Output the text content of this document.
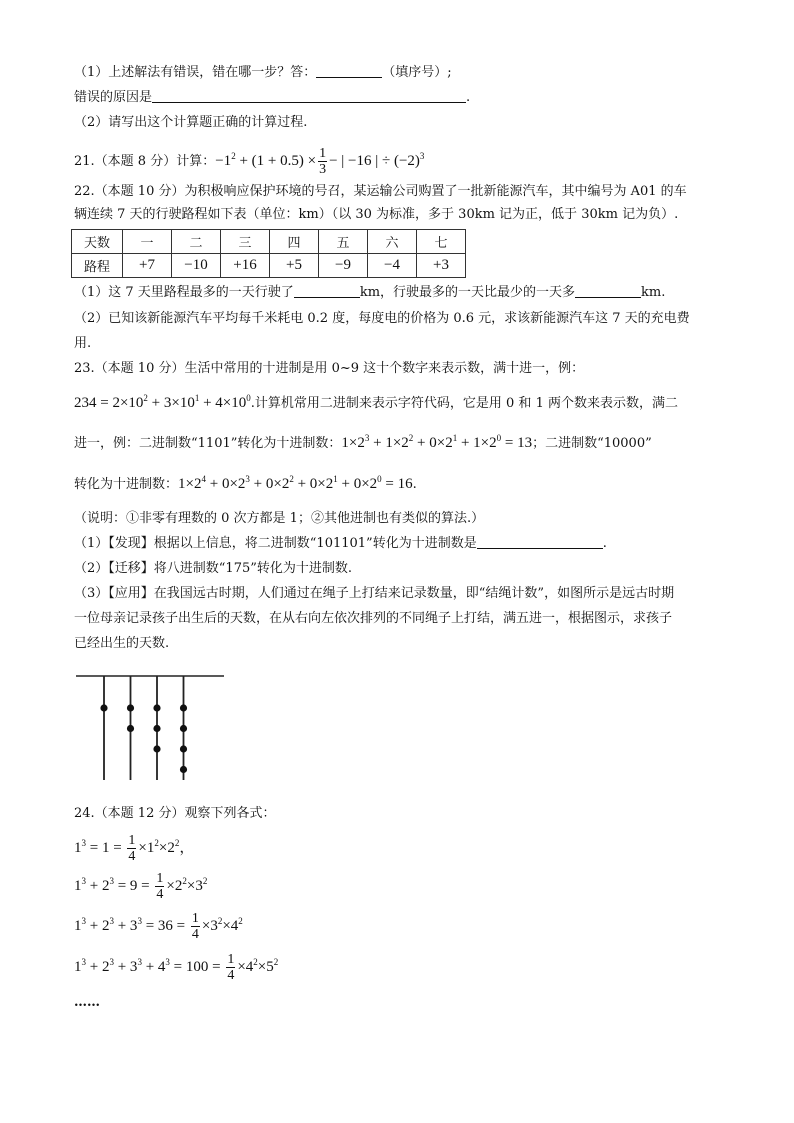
（1）上述解法有错误，错在哪一步？答：	（填序号）;
错误的原因是	.
（2）请写出这个计算题正确的计算过程.
21.（本题 8 分）计算：$-1^2 + (1 + 0.5) \times \frac{1}{3}$ − | −16 | ÷ $(-2)^3$
22.（本题 10 分）为积极响应保护环境的号召，某运输公司购置了一批新能源汽车，其中编号为 A01 的车
辆连续 7 天的行驶路程如下表（单位：km）（以 30 为标准，多于 30km 记为正，低于 30km 记为负）.
天数	一	二	三	四	五	六	七
路程	+7	−10	+16	+5	−9	−4	+3
（1）这 7 天里路程最多的一天行驶了	km，行驶最多的一天比最少的一天多	km.
（2）已知该新能源汽车平均每千米耗电 0.2 度，每度电的价格为 0.6 元，求该新能源汽车这 7 天的充电费
用.
23.（本题 10 分）生活中常用的十进制是用 0~9 这十个数字来表示数，满十进一，例：
$234 = 2\times 10^2 + 3\times 10^1 + 4\times 10^0$.计算机常用二进制来表示字符代码，它是用 0 和 1 两个数来表示数，满二
进一，例：二进制数“1101”转化为十进制数：$1\times 2^3 + 1\times 2^2 + 0\times 2^1 + 1\times 2^0 = 13$；二进制数“10000”
转化为十进制数：$1\times 2^4 + 0\times 2^3 + 0\times 2^2 + 0\times 2^1 + 0\times 2^0 = 16$.
（说明：①非零有理数的 0 次方都是 1；②其他进制也有类似的算法.）
（1）【发现】根据以上信息，将二进制数“101101”转化为十进制数是	.
（2）【迁移】将八进制数“175”转化为十进制数.
（3）【应用】在我国远古时期，人们通过在绳子上打结来记录数量，即“结绳计数”，如图所示是远古时期
一位母亲记录孩子出生后的天数，在从右向左依次排列的不同绳子上打结，满五进一，根据图示，求孩子
已经出生的天数.
24.（本题 12 分）观察下列各式：
$1^3 = 1 = \frac{1}{4} \times 1^2\times 2^2$，
$1^3 + 2^3 = 9 = \frac{1}{4} \times 2^2\times 3^2$
$1^3 + 2^3 + 3^3 = 36 = \frac{1}{4} \times 3^2\times 4^2$
$1^3 + 2^3 + 3^3 + 4^3 = 100 = \frac{1}{4} \times 4^2\times 5^2$
……
